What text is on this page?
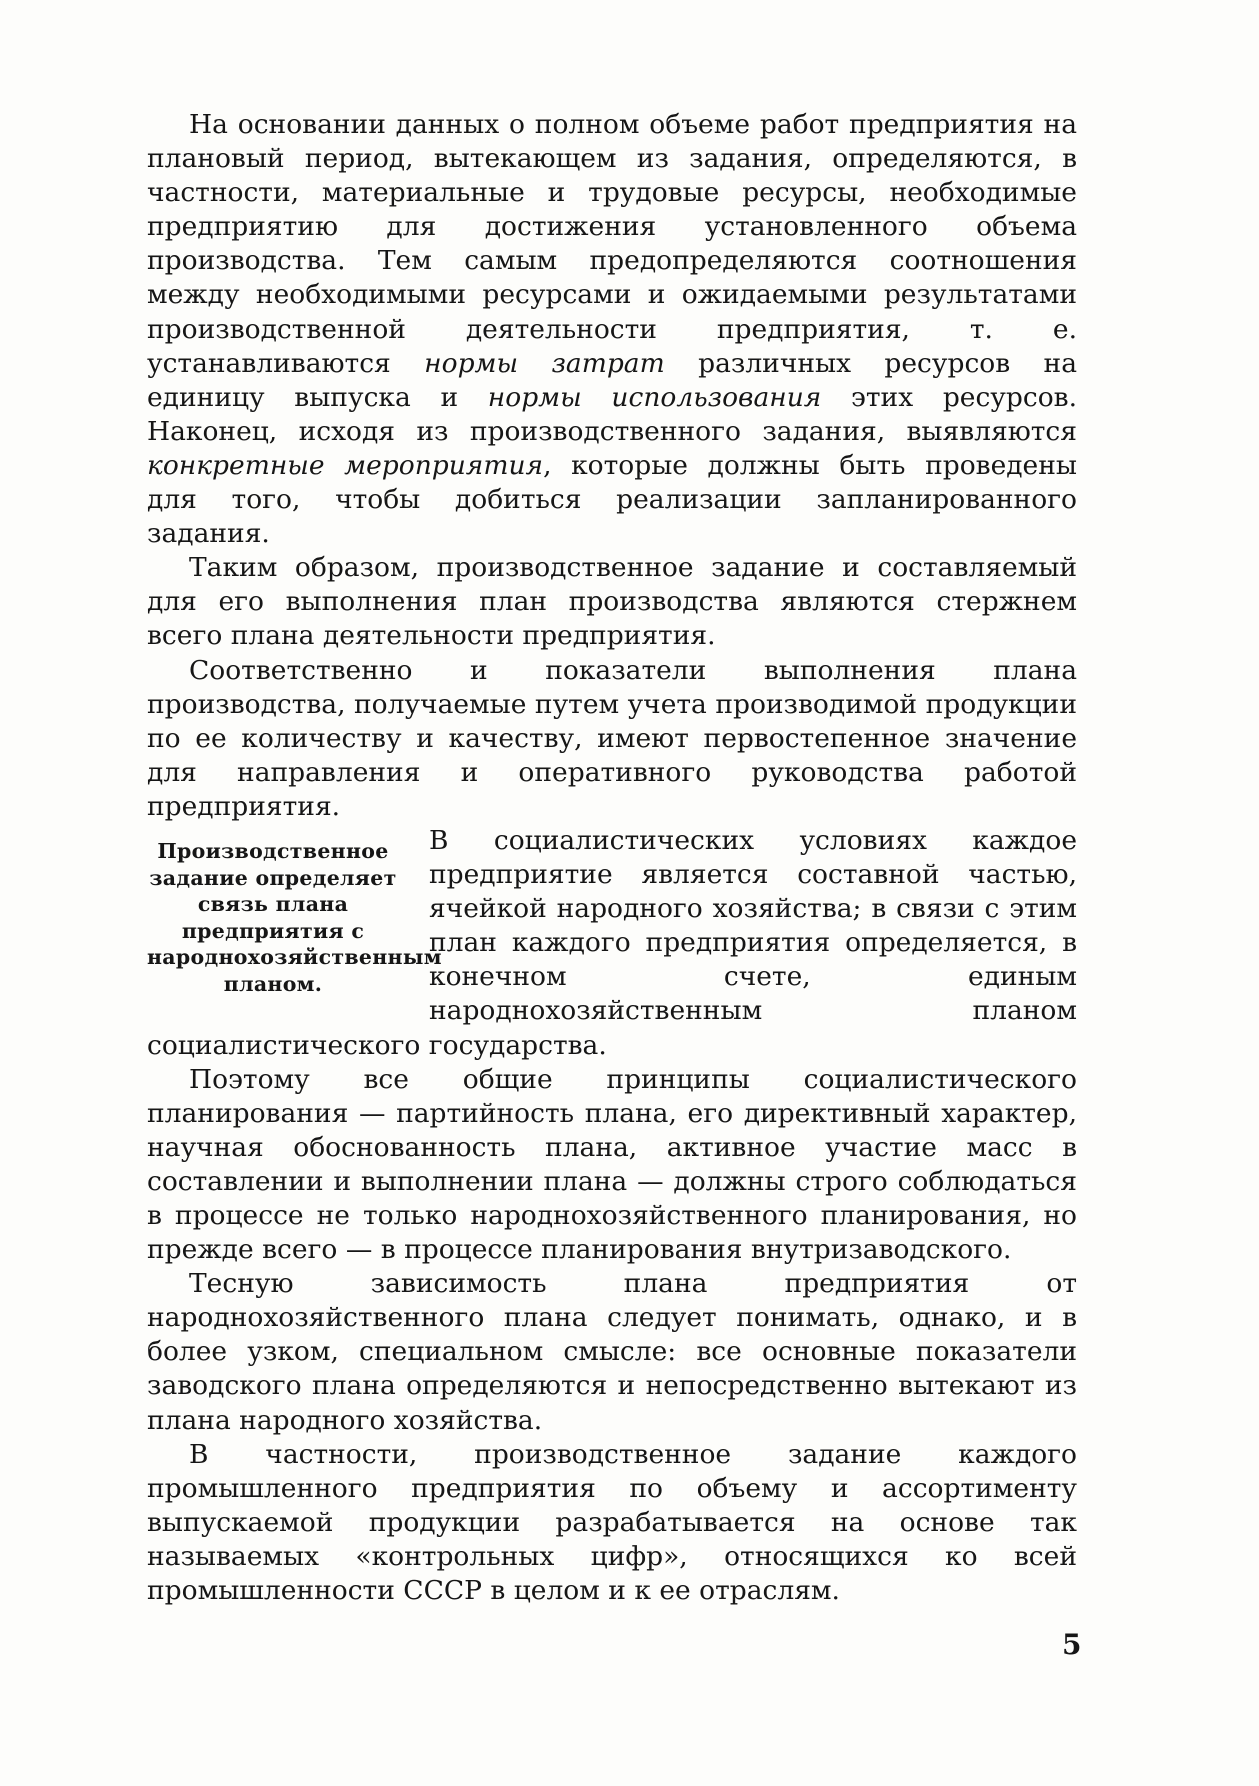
На основании данных о полном объеме работ предприятия на плановый период, вытекающем из задания, определяются, в частности, материальные и трудовые ресурсы, необходимые предприятию для достижения установленного объема производства. Тем самым предопределяются соотношения между необходимыми ресурсами и ожидаемыми результатами производственной деятельности предприятия, т. е. устанавливаются нормы затрат различных ресурсов на единицу выпуска и нормы использования этих ресурсов. Наконец, исходя из производственного задания, выявляются конкретные мероприятия, которые должны быть проведены для того, чтобы добиться реализации запланированного задания.

Таким образом, производственное задание и составляемый для его выполнения план производства являются стержнем всего плана деятельности предприятия.

Соответственно и показатели выполнения плана производства, получаемые путем учета производимой продукции по ее количеству и качеству, имеют первостепенное значение для направления и оперативного руководства работой предприятия.

Производственное задание определяет связь плана предприятия с народнохозяйственным планом.

В социалистических условиях каждое предприятие является составной частью, ячейкой народного хозяйства; в связи с этим план каждого предприятия определяется, в конечном счете, единым народнохозяйственным планом социалистического государства.

Поэтому все общие принципы социалистического планирования — партийность плана, его директивный характер, научная обоснованность плана, активное участие масс в составлении и выполнении плана — должны строго соблюдаться в процессе не только народнохозяйственного планирования, но прежде всего — в процессе планирования внутризаводского.

Тесную зависимость плана предприятия от народнохозяйственного плана следует понимать, однако, и в более узком, специальном смысле: все основные показатели заводского плана определяются и непосредственно вытекают из плана народного хозяйства.

В частности, производственное задание каждого промышленного предприятия по объему и ассортименту выпускаемой продукции разрабатывается на основе так называемых «контрольных цифр», относящихся ко всей промышленности СССР в целом и к ее отраслям.

5
